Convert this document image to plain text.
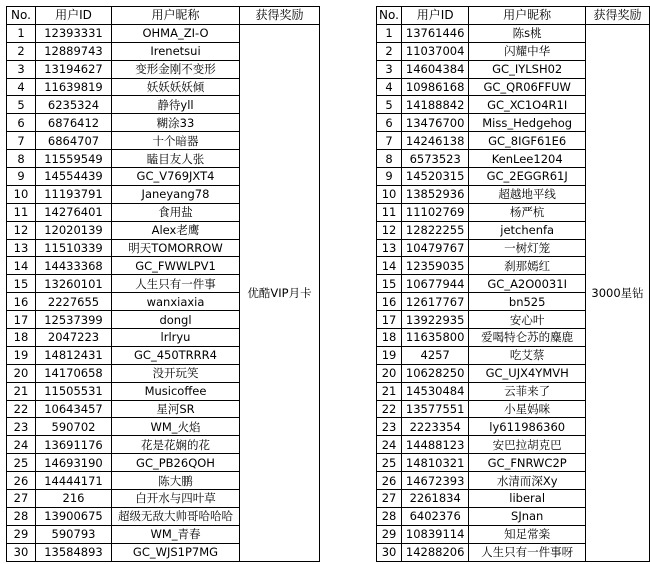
No.	用户ID	用户昵称	获得奖励
1	12393331	OHMA_ZI-O	优酷VIP月卡
2	12889743	Irenetsui	
3	13194627	变形金刚不变形	
4	11639819	妖妖妖妖倾	
5	6235324	静待yll	
6	6876412	糊涂33	
7	6864707	十个暗器	
8	11559549	瞌目友人张	
9	14554439	GC_V769JXT4	
10	11193791	Janeyang78	
11	14276401	食用盐	
12	12020139	Alex老鹰	
13	11510339	明天TOMORROW	
14	14433368	GC_FWWLPV1	
15	13260101	人生只有一件事	
16	2227655	wanxiaxia	
17	12537399	dongl	
18	2047223	lrlryu	
19	14812431	GC_450TRRR4	
20	14170658	没开玩笑	
21	11505531	Musicoffee	
22	10643457	星河SR	
23	590702	WM_火焰	
24	13691176	花是花娴的花	
25	14693190	GC_PB26QOH	
26	14444171	陈大鹏	
27	216	白开水与四叶草	
28	13900675	超级无敌大帅哥哈哈哈	
29	590793	WM_青春	
30	13584893	GC_WJS1P7MG	
No.	用户ID	用户昵称	获得奖励
1	13761446	陈s桃	3000星钻
2	11037004	闪耀中华	
3	14604384	GC_IYLSH02	
4	10986168	GC_QR06FFUW	
5	14188842	GC_XC1O4R1I	
6	13476700	Miss_Hedgehog	
7	14246138	GC_8IGF61E6	
8	6573523	KenLee1204	
9	14520315	GC_2EGGR61J	
10	13852936	超越地平线	
11	11102769	杨严杭	
12	12822255	jetchenfa	
13	10479767	一树灯笼	
14	12359035	刹那嫣红	
15	10677944	GC_A2O0031I	
16	12617767	bn525	
17	13922935	安心叶	
18	11635800	爱喝特仑苏的麋鹿	
19	4257	吃艾蔡	
20	10628250	GC_UJX4YMVH	
21	14530484	云菲来了	
22	13577551	小星妈咪	
23	2223354	ly611986360	
24	14488123	安巴拉胡克巴	
25	14810321	GC_FNRWC2P	
26	14672393	水清而深Xy	
27	2261834	liberal	
28	6402376	SJnan	
29	10839114	知足常楽	
30	14288206	人生只有一件事呀	
